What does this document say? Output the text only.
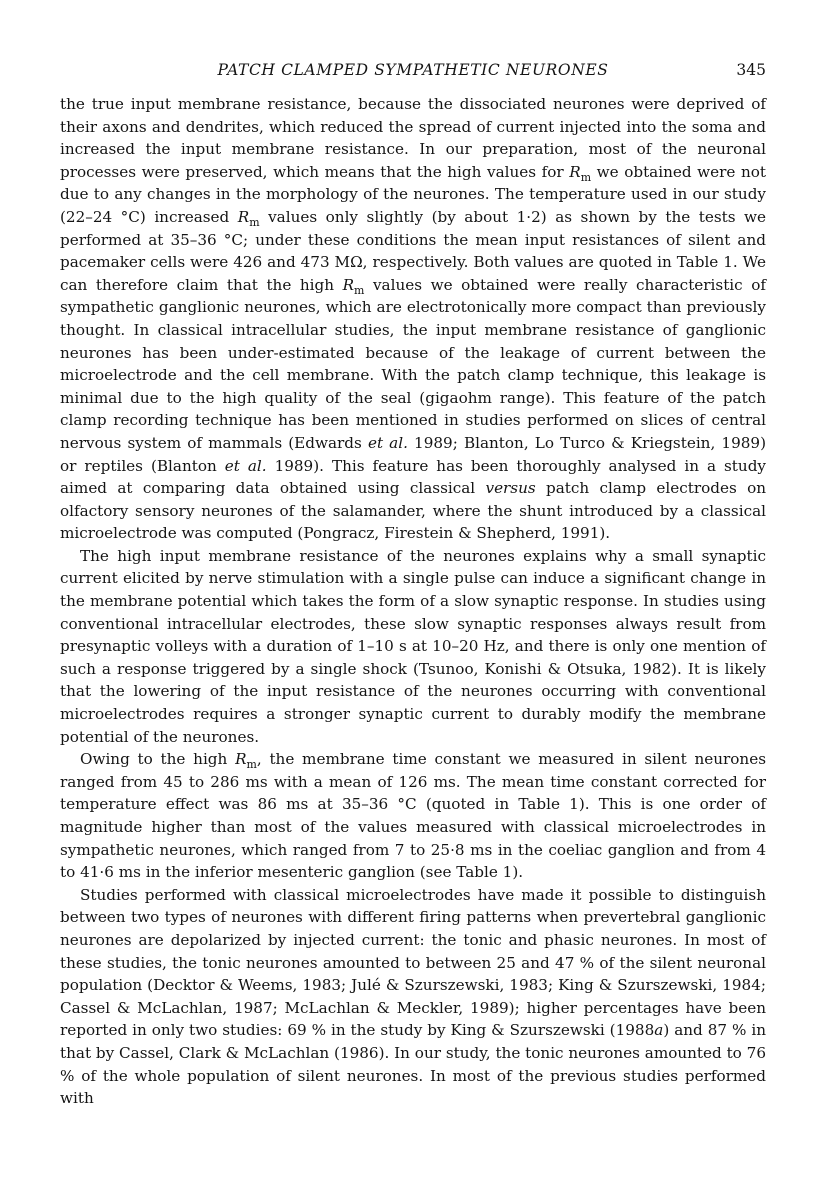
PATCH CLAMPED SYMPATHETIC NEURONES	345

the true input membrane resistance, because the dissociated neurones were deprived of their axons and dendrites, which reduced the spread of current injected into the soma and increased the input membrane resistance. In our preparation, most of the neuronal processes were preserved, which means that the high values for $R_m$ we obtained were not due to any changes in the morphology of the neurones. The temperature used in our study (22–24 °C) increased $R_m$ values only slightly (by about 1·2) as shown by the tests we performed at 35–36 °C; under these conditions the mean input resistances of silent and pacemaker cells were 426 and 473 MΩ, respectively. Both values are quoted in Table 1. We can therefore claim that the high $R_m$ values we obtained were really characteristic of sympathetic ganglionic neurones, which are electrotonically more compact than previously thought. In classical intracellular studies, the input membrane resistance of ganglionic neurones has been under-estimated because of the leakage of current between the microelectrode and the cell membrane. With the patch clamp technique, this leakage is minimal due to the high quality of the seal (gigaohm range). This feature of the patch clamp recording technique has been mentioned in studies performed on slices of central nervous system of mammals (Edwards et al. 1989; Blanton, Lo Turco & Kriegstein, 1989) or reptiles (Blanton et al. 1989). This feature has been thoroughly analysed in a study aimed at comparing data obtained using classical versus patch clamp electrodes on olfactory sensory neurones of the salamander, where the shunt introduced by a classical microelectrode was computed (Pongracz, Firestein & Shepherd, 1991).

The high input membrane resistance of the neurones explains why a small synaptic current elicited by nerve stimulation with a single pulse can induce a significant change in the membrane potential which takes the form of a slow synaptic response. In studies using conventional intracellular electrodes, these slow synaptic responses always result from presynaptic volleys with a duration of 1–10 s at 10–20 Hz, and there is only one mention of such a response triggered by a single shock (Tsunoo, Konishi & Otsuka, 1982). It is likely that the lowering of the input resistance of the neurones occurring with conventional microelectrodes requires a stronger synaptic current to durably modify the membrane potential of the neurones.

Owing to the high $R_m$, the membrane time constant we measured in silent neurones ranged from 45 to 286 ms with a mean of 126 ms. The mean time constant corrected for temperature effect was 86 ms at 35–36 °C (quoted in Table 1). This is one order of magnitude higher than most of the values measured with classical microelectrodes in sympathetic neurones, which ranged from 7 to 25·8 ms in the coeliac ganglion and from 4 to 41·6 ms in the inferior mesenteric ganglion (see Table 1).

Studies performed with classical microelectrodes have made it possible to distinguish between two types of neurones with different firing patterns when prevertebral ganglionic neurones are depolarized by injected current: the tonic and phasic neurones. In most of these studies, the tonic neurones amounted to between 25 and 47 % of the silent neuronal population (Decktor & Weems, 1983; Julé & Szurszewski, 1983; King & Szurszewski, 1984; Cassel & McLachlan, 1987; McLachlan & Meckler, 1989); higher percentages have been reported in only two studies: 69 % in the study by King & Szurszewski (1988a) and 87 % in that by Cassel, Clark & McLachlan (1986). In our study, the tonic neurones amounted to 76 % of the whole population of silent neurones. In most of the previous studies performed with
